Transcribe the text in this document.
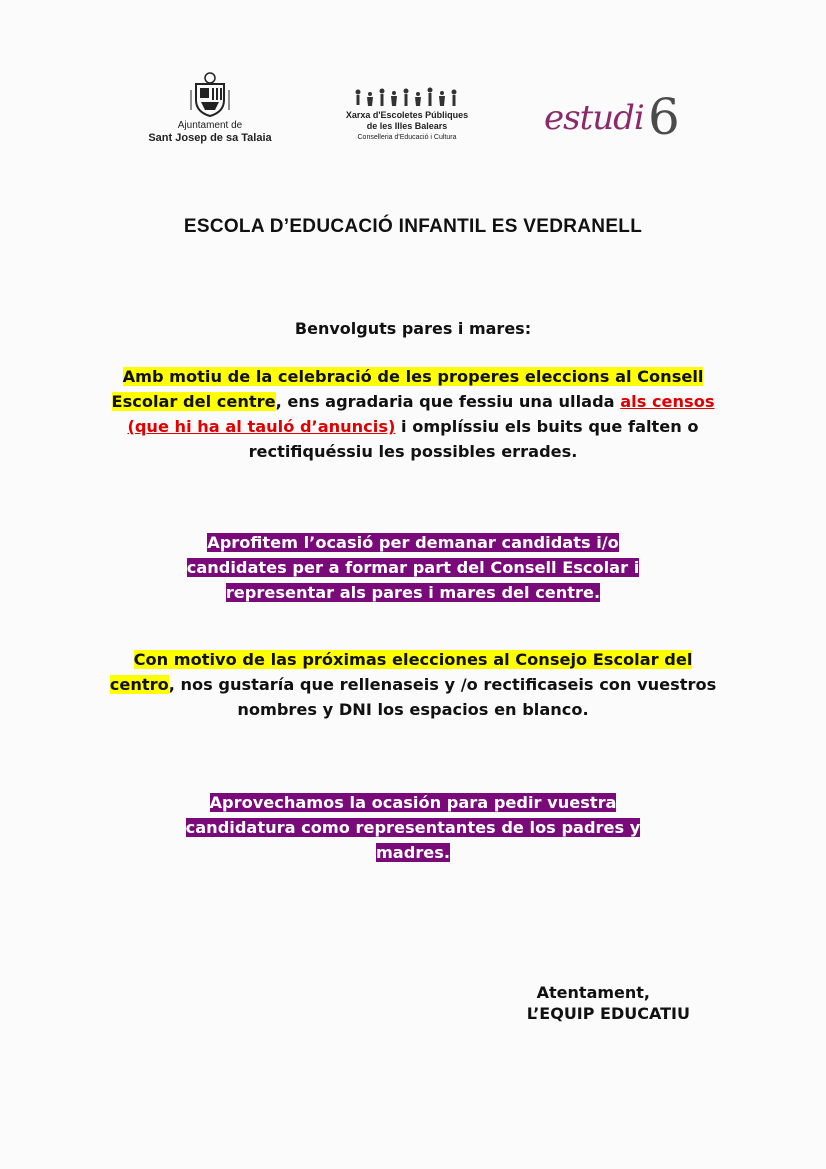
Ajuntament de
Sant Josep de sa Talaia
Xarxa d'Escoletes Públiques
de les Illes Balears
Conselleria d'Educació i Cultura	estudi 6
ESCOLA D’EDUCACIÓ INFANTIL ES VEDRANELL
Benvolguts pares i mares:

Amb motiu de la celebració de les properes eleccions al Consell Escolar del centre, ens agradaria que fessiu una ullada als censos (que hi ha al tauló d’anuncis) i omplíssiu els buits que falten o rectifiquéssiu les possibles errades.

Aprofitem l’ocasió per demanar candidats i/o
candidates per a formar part del Consell Escolar i
representar als pares i mares del centre.

Con motivo de las próximas elecciones al Consejo Escolar del centro, nos gustaría que rellenaseis y /o rectificaseis con vuestros nombres y DNI los espacios en blanco.

Aprovechamos la ocasión para pedir vuestra
candidatura como representantes de los padres y
madres.

Atentament,
L’EQUIP EDUCATIU
